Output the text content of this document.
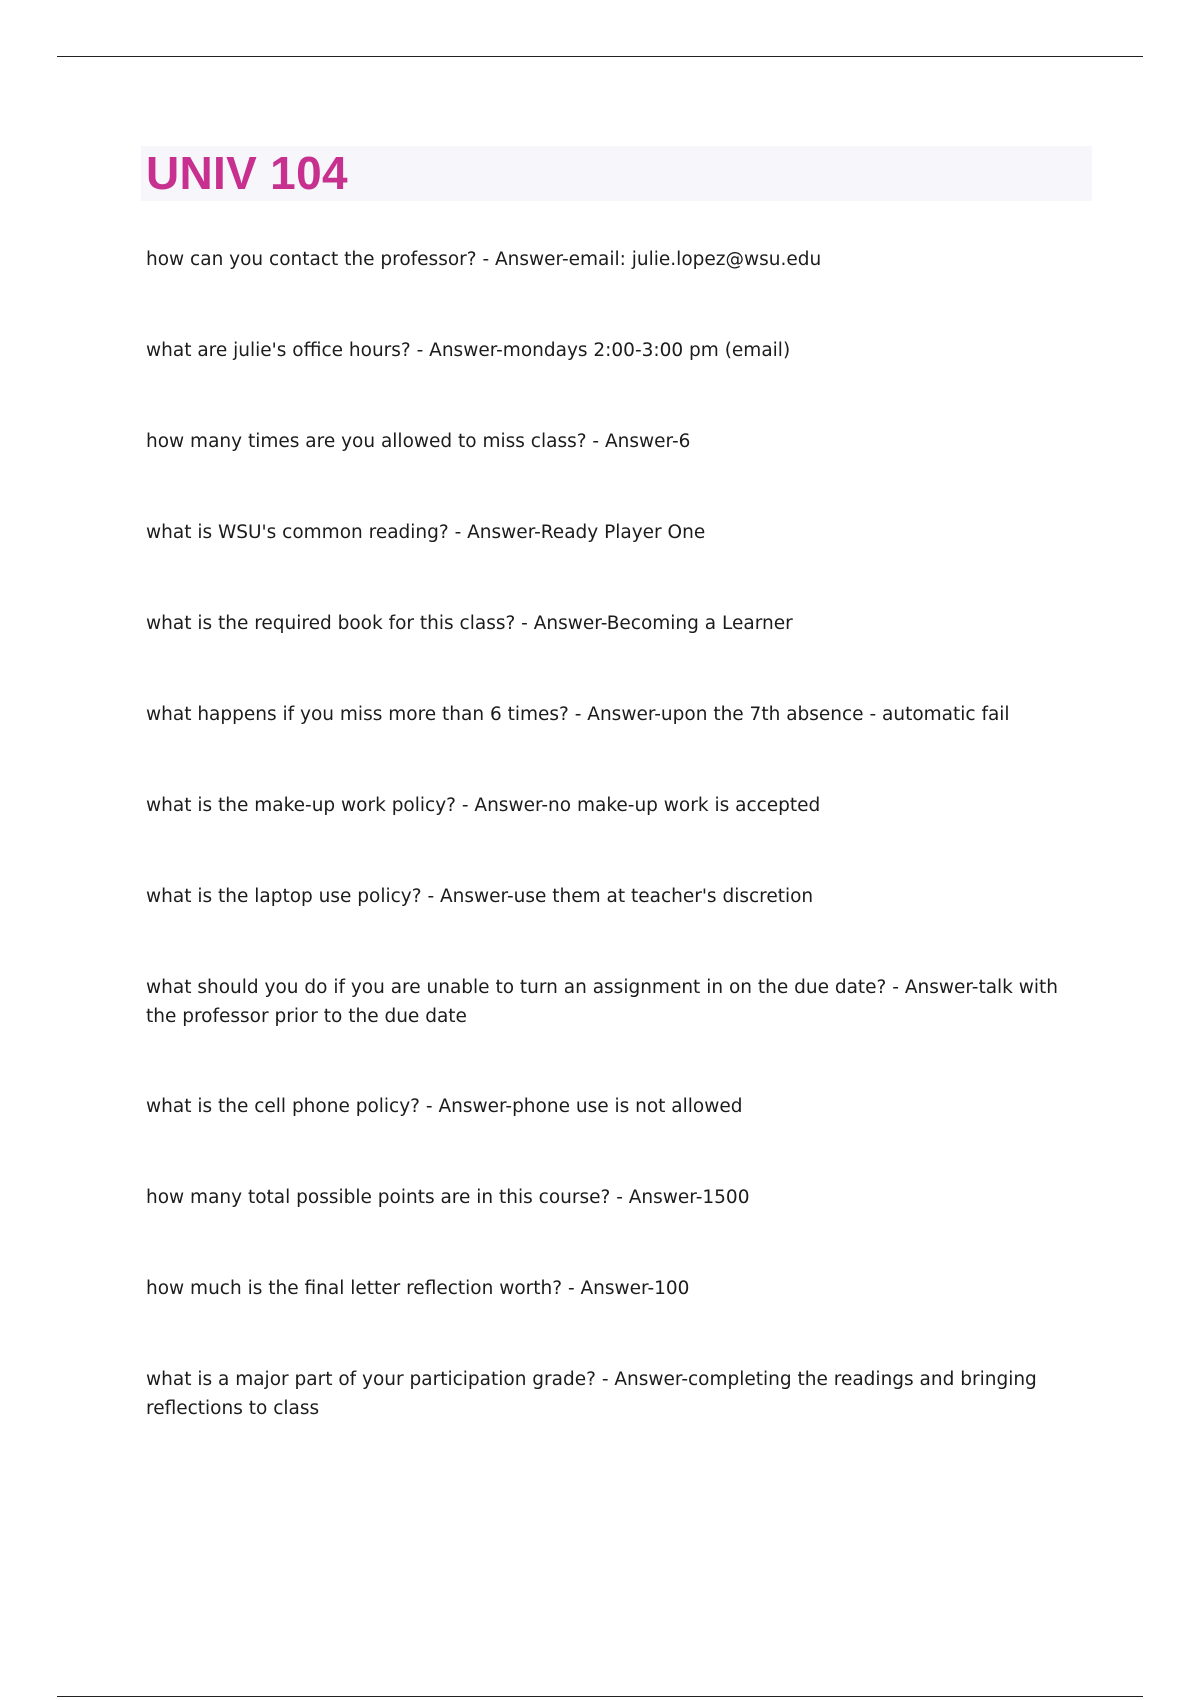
UNIV 104
how can you contact the professor? - Answer-email: julie.lopez@wsu.edu
what are julie's office hours? - Answer-mondays 2:00-3:00 pm (email)
how many times are you allowed to miss class? - Answer-6
what is WSU's common reading? - Answer-Ready Player One
what is the required book for this class? - Answer-Becoming a Learner
what happens if you miss more than 6 times? - Answer-upon the 7th absence - automatic fail
what is the make-up work policy? - Answer-no make-up work is accepted
what is the laptop use policy? - Answer-use them at teacher's discretion
what should you do if you are unable to turn an assignment in on the due date? - Answer-talk with the professor prior to the due date
what is the cell phone policy? - Answer-phone use is not allowed
how many total possible points are in this course? - Answer-1500
how much is the final letter reflection worth? - Answer-100
what is a major part of your participation grade? - Answer-completing the readings and bringing reflections to class
